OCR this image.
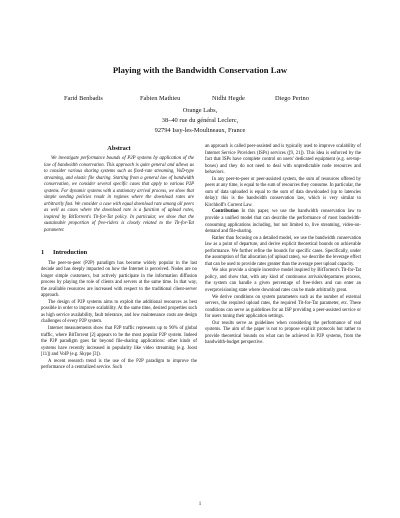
Playing with the Bandwidth Conservation Law
Farid Benbadis	Fabien Mathieu	Nidhi Hegde	Diego Perino
Orange Labs,
38–40 rue du général Leclerc,
92794 Issy-les-Moulineaux, France
Abstract

We investigate performance bounds of P2P systems by application of the law of bandwidth conservation. This approach is quite general and allows us to consider various sharing systems such as fixed-rate streaming, VoD-type streaming, and elastic file sharing. Starting from a general law of bandwidth conservation, we consider several specific cases that apply to various P2P systems. For dynamic systems with a stationary arrival process, we show that simple seeding policies result in regimes where the download rates are arbitrarily fast. We consider a case with equal download rate among all peers as well as cases where the download rate is a function of upload rates, inspired by BitTorrent's Tit-for-Tat policy. In particular, we show that the sustainable proportion of free-riders is closely related to the Tit-for-Tat parameter.

1 Introduction

The peer-to-peer (P2P) paradigm has become widely popular in the last decade and has deeply impacted on how the Internet is perceived. Nodes are no longer simple customers, but actively participate in the information diffusion process by playing the role of clients and servers at the same time. In that way, the available resources are increased with respect to the traditional client-server approach.

The design of P2P systems aims to exploit the additional resources as best possible in order to improve scalability. At the same time, desired properties such as high service availability, fault tolerance, and low maintenance costs are design challenges of every P2P system.

Internet measurements show that P2P traffic represents up to 90% of global traffic, where BitTorrent [2] appears to be the most popular P2P system. Indeed the P2P paradigm goes far beyond file-sharing applications: other kinds of systems have recently increased in popularity like video streaming (e.g. Joost [11]) and VoIP (e.g. Skype [3]).

A recent research trend is the use of the P2P paradigm to improve the performance of a centralized service. Such

an approach is called peer-assisted and is typically used to improve scalability of Internet Service Providers (ISPs) services ([9, 21]). This idea is enforced by the fact that ISPs have complete control on users' dedicated equipment (e.g. set-top-boxes) and they do not need to deal with unpredictable node resources and behaviors.

In any peer-to-peer or peer-assisted system, the sum of resources offered by peers at any time, is equal to the sum of resources they consume. In particular, the sum of data uploaded is equal to the sum of data downloaded (up to latencies delay): this is the bandwidth conservation law, which is very similar to Kirchhoff's Current Law.

Contribution In this paper, we use the bandwidth conservation law to provide a unified model that can describe the performance of most bandwidth-consuming applications including, but not limited to, live streaming, video-on-demand and file-sharing.

Rather than focusing on a detailed model, we use the bandwidth conservation law as a point of departure, and derive explicit theoretical bounds on achievable performance. We further refine the bounds for specific cases. Specifically, under the assumption of flat allocation (of upload rates), we describe the leverage effect that can be used to provide rates greater than the average peer upload capacity.

We also provide a simple incentive model inspired by BitTorrent's Tit-for-Tat policy, and show that, with any kind of continuous arrivals/departures process, the system can handle a given percentage of free-riders and can enter an overprovisioning state where download rates can be made arbitrarily great.

We derive conditions on system parameters such as the number of external servers, the required upload rates, the required Tit-for-Tat parameter, etc. These conditions can serve as guidelines for an ISP providing a peer-assisted service or for users tuning their application settings.

Our results serve as guidelines when considering the performance of real systems. The aim of the paper is not to propose explicit protocols but rather to provide theoretical bounds on what can be achieved in P2P systems, from the bandwidth-budget perspective.

1
